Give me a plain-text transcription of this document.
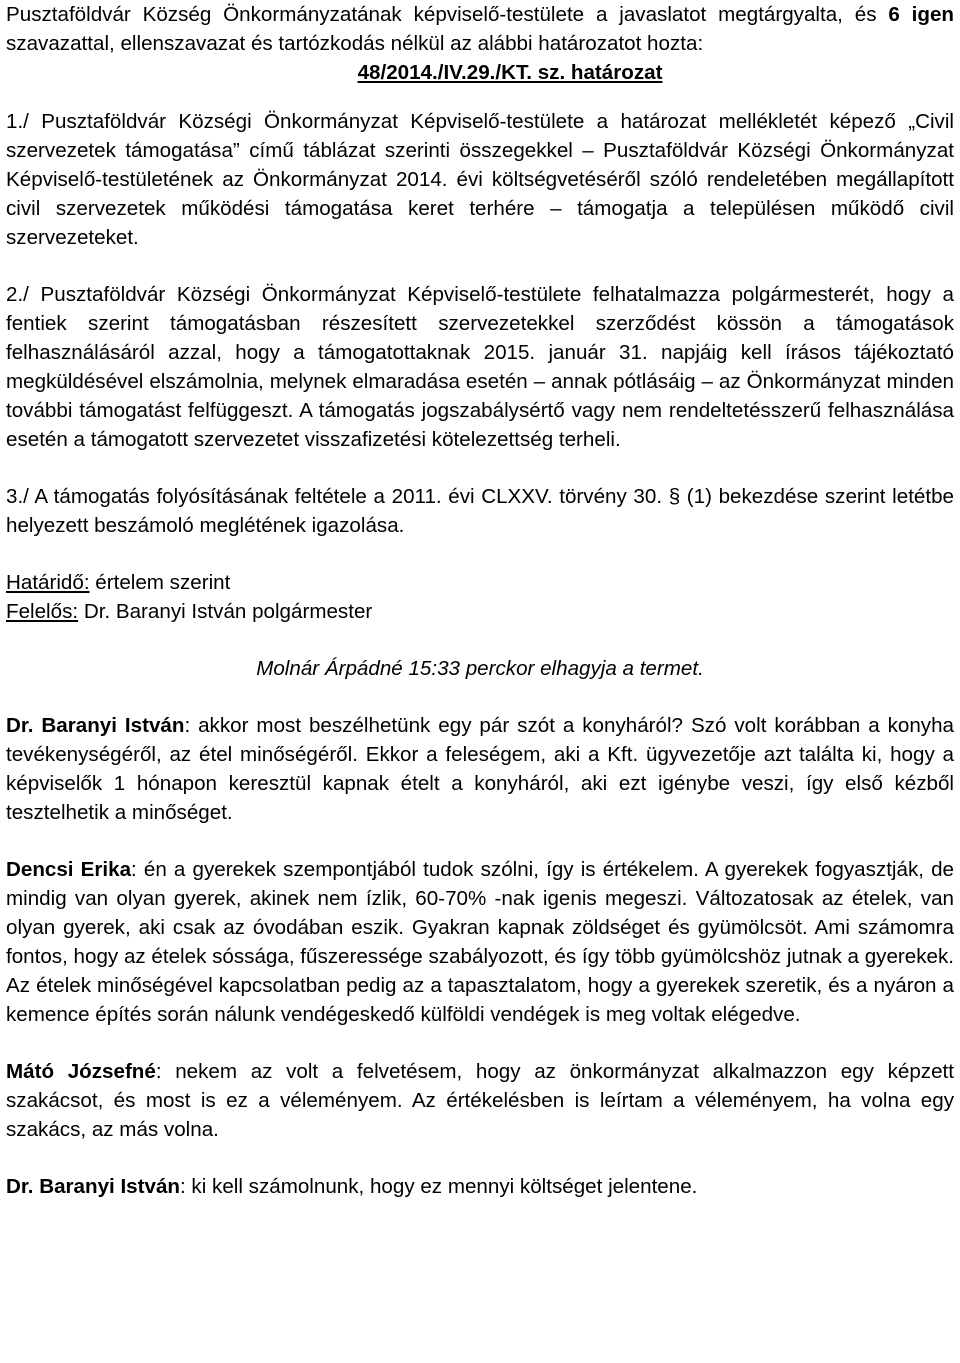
Pusztaföldvár Község Önkormányzatának képviselő-testülete a javaslatot megtárgyalta, és 6 igen szavazattal, ellenszavazat és tartózkodás nélkül az alábbi határozatot hozta:

48/2014./IV.29./KT. sz. határozat

1./ Pusztaföldvár Községi Önkormányzat Képviselő-testülete a határozat mellékletét képező „Civil szervezetek támogatása” című táblázat szerinti összegekkel – Pusztaföldvár Községi Önkormányzat Képviselő-testületének az Önkormányzat 2014. évi költségvetéséről szóló rendeletében megállapított civil szervezetek működési támogatása keret terhére – támogatja a településen működő civil szervezeteket.

2./ Pusztaföldvár Községi Önkormányzat Képviselő-testülete felhatalmazza polgármesterét, hogy a fentiek szerint támogatásban részesített szervezetekkel szerződést kössön a támogatások felhasználásáról azzal, hogy a támogatottaknak 2015. január 31. napjáig kell írásos tájékoztató megküldésével elszámolnia, melynek elmaradása esetén – annak pótlásáig – az Önkormányzat minden további támogatást felfüggeszt. A támogatás jogszabálysértő vagy nem rendeltetésszerű felhasználása esetén a támogatott szervezetet visszafizetési kötelezettség terheli.

3./ A támogatás folyósításának feltétele a 2011. évi CLXXV. törvény 30. § (1) bekezdése szerint letétbe helyezett beszámoló meglétének igazolása.

Határidő: értelem szerint

Felelős: Dr. Baranyi István polgármester

Molnár Árpádné 15:33 perckor elhagyja a termet.

Dr. Baranyi István: akkor most beszélhetünk egy pár szót a konyháról? Szó volt korábban a konyha tevékenységéről, az étel minőségéről. Ekkor a feleségem, aki a Kft. ügyvezetője azt találta ki, hogy a képviselők 1 hónapon keresztül kapnak ételt a konyháról, aki ezt igénybe veszi, így első kézből tesztelhetik a minőséget.

Dencsi Erika: én a gyerekek szempontjából tudok szólni, így is értékelem. A gyerekek fogyasztják, de mindig van olyan gyerek, akinek nem ízlik, 60-70% -nak igenis megeszi. Változatosak az ételek, van olyan gyerek, aki csak az óvodában eszik. Gyakran kapnak zöldséget és gyümölcsöt. Ami számomra fontos, hogy az ételek sóssága, fűszeressége szabályozott, és így több gyümölcshöz jutnak a gyerekek. Az ételek minőségével kapcsolatban pedig az a tapasztalatom, hogy a gyerekek szeretik, és a nyáron a kemence építés során nálunk vendégeskedő külföldi vendégek is meg voltak elégedve.

Mátó Józsefné: nekem az volt a felvetésem, hogy az önkormányzat alkalmazzon egy képzett szakácsot, és most is ez a véleményem. Az értékelésben is leírtam a véleményem, ha volna egy szakács, az más volna.

Dr. Baranyi István: ki kell számolnunk, hogy ez mennyi költséget jelentene.
